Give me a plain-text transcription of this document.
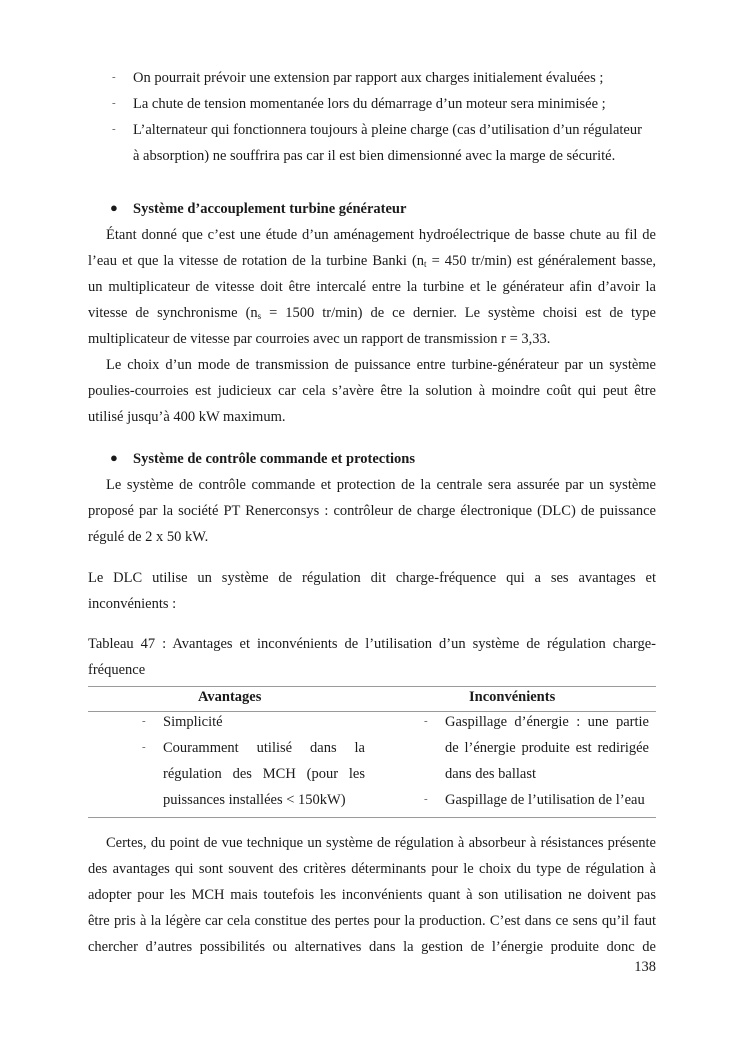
- On pourrait prévoir une extension par rapport aux charges initialement évaluées ;
- La chute de tension momentanée lors du démarrage d’un moteur sera minimisée ;
- L’alternateur qui fonctionnera toujours à pleine charge (cas d’utilisation d’un régulateur
à absorption) ne souffrira pas car il est bien dimensionné avec la marge de sécurité.
● Système d’accouplement turbine générateur
Étant donné que c’est une étude d’un aménagement hydroélectrique de basse chute au fil de
l’eau et que la vitesse de rotation de la turbine Banki ($n_t = 450$ tr/min) est généralement basse,
un multiplicateur de vitesse doit être intercalé entre la turbine et le générateur afin d’avoir la
vitesse de synchronisme ($n_s = 1500$ tr/min) de ce dernier. Le système choisi est de type
multiplicateur de vitesse par courroies avec un rapport de transmission r = 3,33.
Le choix d’un mode de transmission de puissance entre turbine-générateur par un système
poulies-courroies est judicieux car cela s’avère être la solution à moindre coût qui peut être
utilisé jusqu’à 400 kW maximum.
● Système de contrôle commande et protections
Le système de contrôle commande et protection de la centrale sera assurée par un système
proposé par la société PT Renerconsys : contrôleur de charge électronique (DLC) de puissance
régulé de 2 x 50 kW.
Le DLC utilise un système de régulation dit charge-fréquence qui a ses avantages et
inconvénients :
Tableau 47 : Avantages et inconvénients de l’utilisation d’un système de régulation charge-
fréquence
Avantages	Inconvénients
- Simplicité
- Couramment utilisé dans la
régulation des MCH (pour les
puissances installées < 150kW)
- Gaspillage d’énergie : une partie
de l’énergie produite est redirigée
dans des ballast
- Gaspillage de l’utilisation de l’eau
Certes, du point de vue technique un système de régulation à absorbeur à résistances présente
des avantages qui sont souvent des critères déterminants pour le choix du type de régulation à
adopter pour les MCH mais toutefois les inconvénients quant à son utilisation ne doivent pas
être pris à la légère car cela constitue des pertes pour la production. C’est dans ce sens qu’il faut
chercher d’autres possibilités ou alternatives dans la gestion de l’énergie produite donc de
138
